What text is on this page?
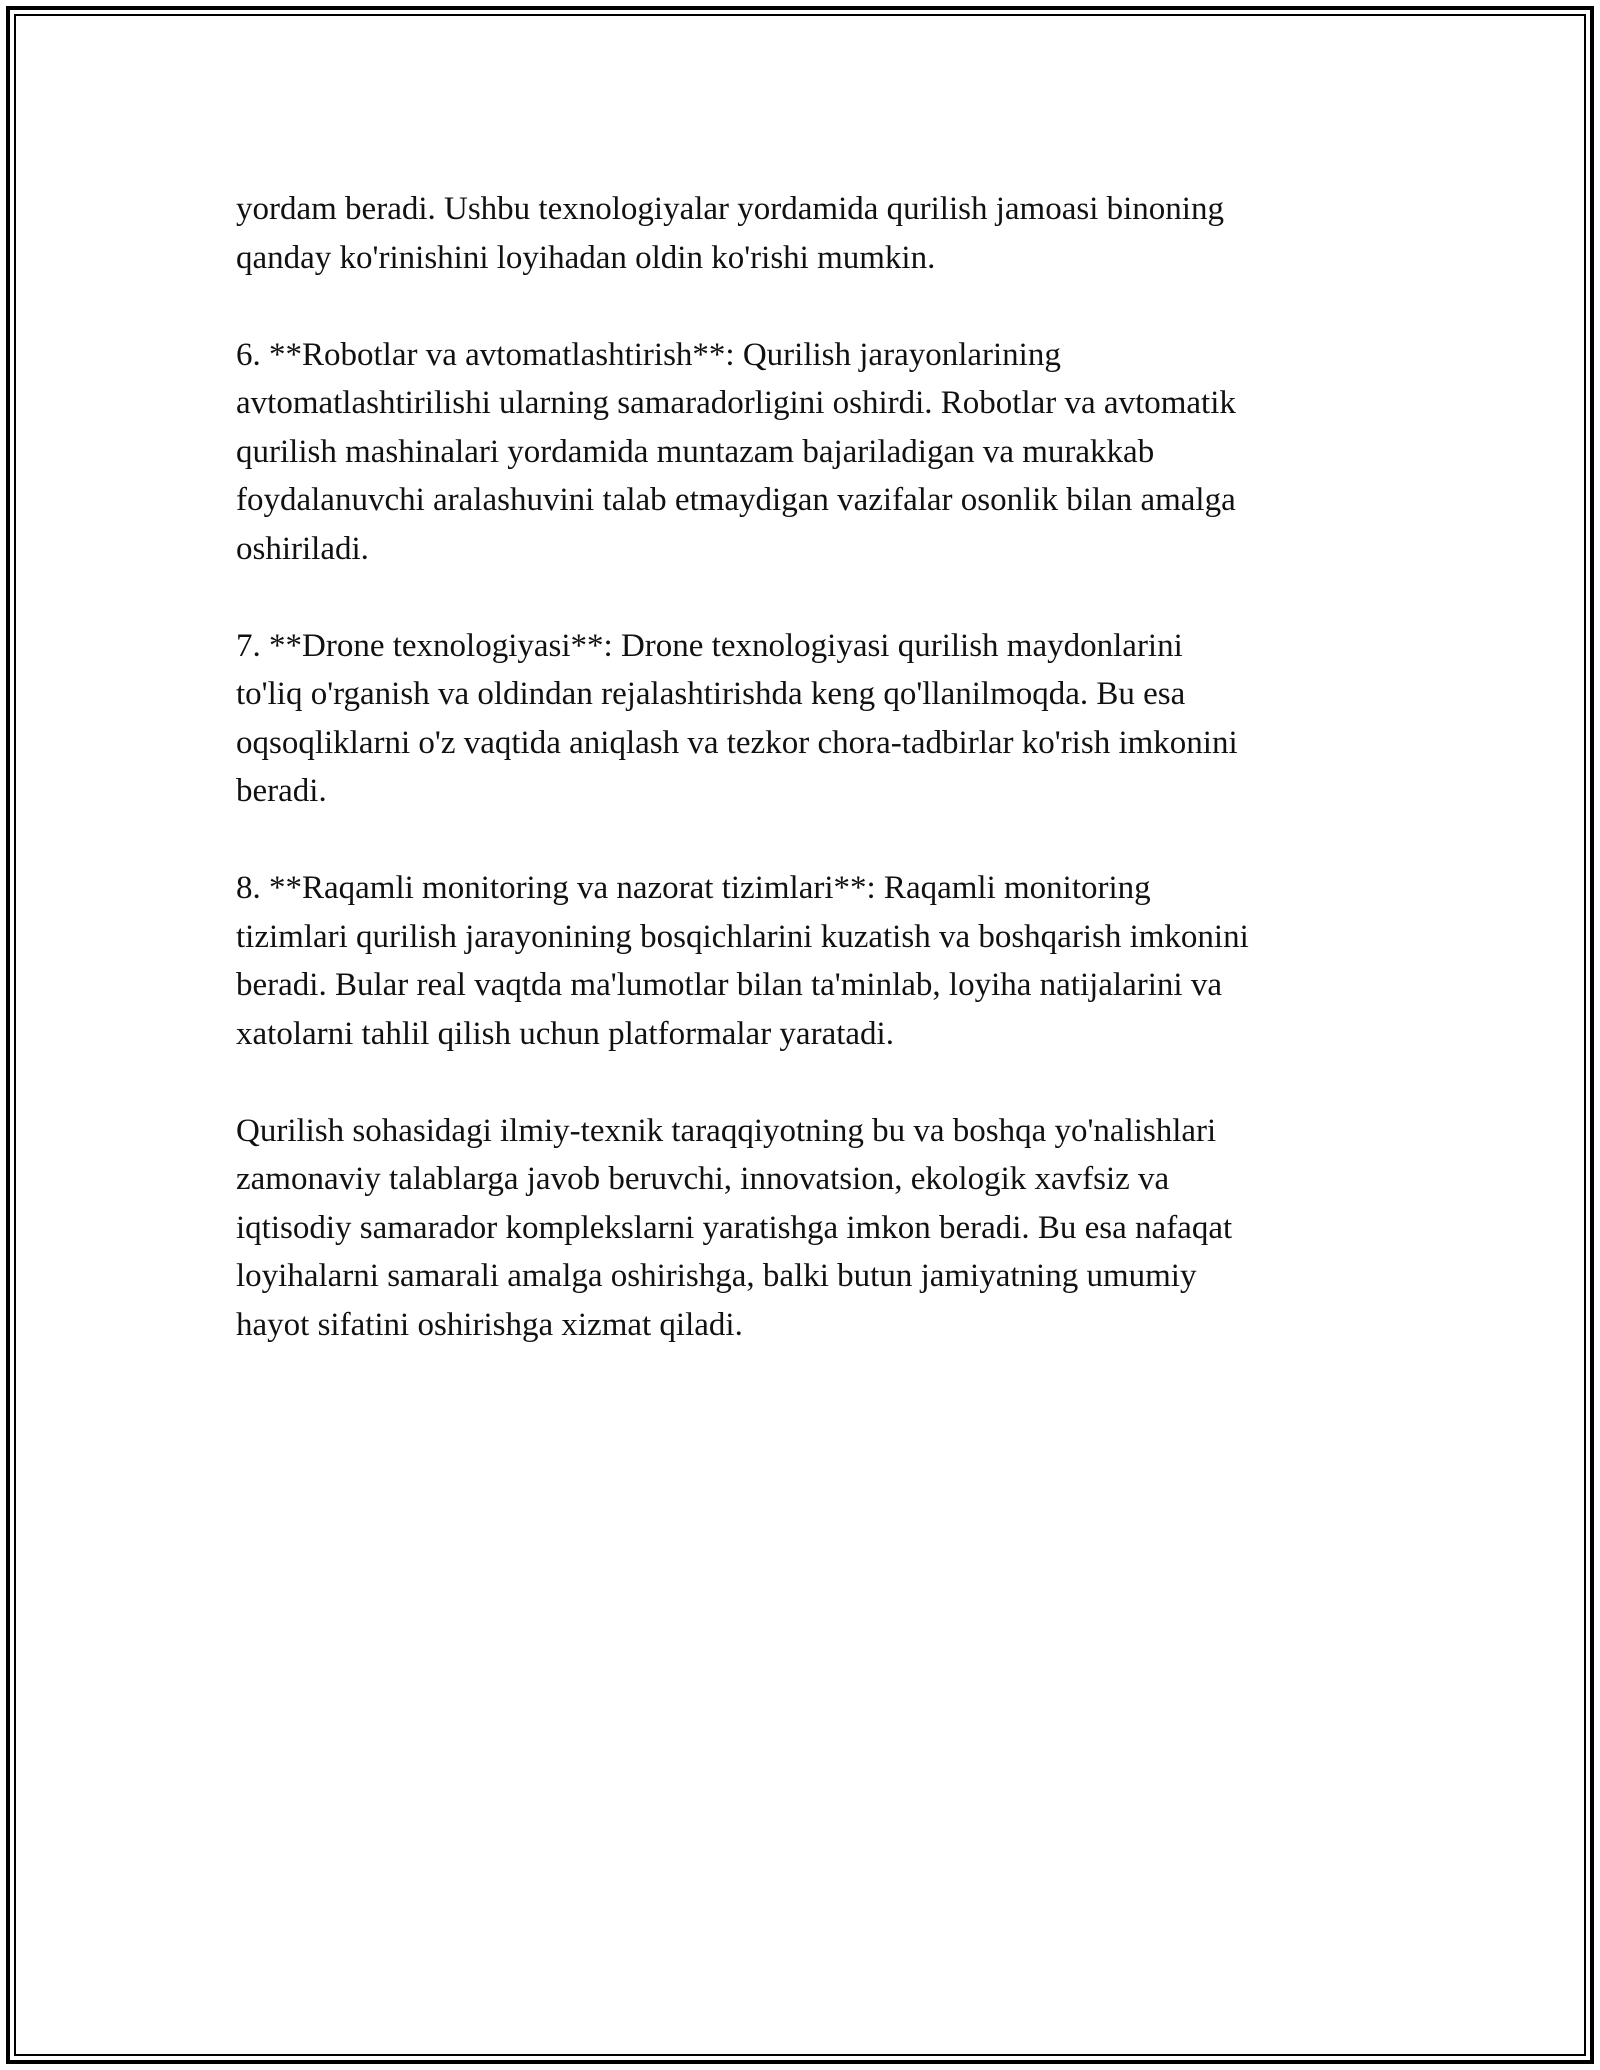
yordam beradi. Ushbu texnologiyalar yordamida qurilish jamoasi binoning
qanday ko'rinishini loyihadan oldin ko'rishi mumkin.

6. **Robotlar va avtomatlashtirish**: Qurilish jarayonlarining
avtomatlashtirilishi ularning samaradorligini oshirdi. Robotlar va avtomatik
qurilish mashinalari yordamida muntazam bajariladigan va murakkab
foydalanuvchi aralashuvini talab etmaydigan vazifalar osonlik bilan amalga
oshiriladi.

7. **Drone texnologiyasi**: Drone texnologiyasi qurilish maydonlarini
to'liq o'rganish va oldindan rejalashtirishda keng qo'llanilmoqda. Bu esa
oqsoqliklarni o'z vaqtida aniqlash va tezkor chora-tadbirlar ko'rish imkonini
beradi.

8. **Raqamli monitoring va nazorat tizimlari**: Raqamli monitoring
tizimlari qurilish jarayonining bosqichlarini kuzatish va boshqarish imkonini
beradi. Bular real vaqtda ma'lumotlar bilan ta'minlab, loyiha natijalarini va
xatolarni tahlil qilish uchun platformalar yaratadi.

Qurilish sohasidagi ilmiy-texnik taraqqiyotning bu va boshqa yo'nalishlari
zamonaviy talablarga javob beruvchi, innovatsion, ekologik xavfsiz va
iqtisodiy samarador komplekslarni yaratishga imkon beradi. Bu esa nafaqat
loyihalarni samarali amalga oshirishga, balki butun jamiyatning umumiy
hayot sifatini oshirishga xizmat qiladi.
